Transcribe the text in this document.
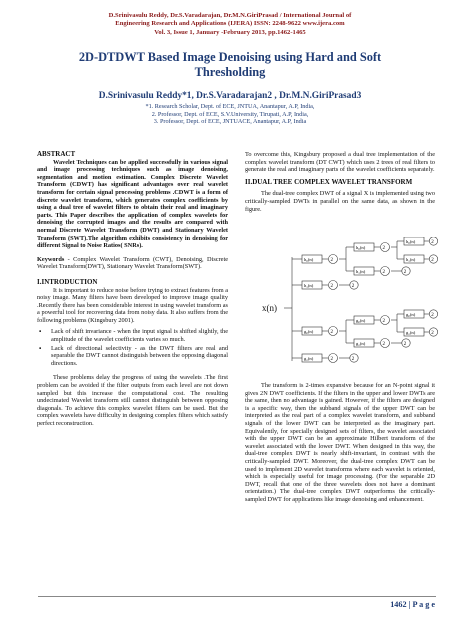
D.Srinivasulu Reddy, Dr.S.Varadarajan, Dr.M.N.GiriPrasad / International Journal of
Engineering Research and Applications (IJERA) ISSN: 2248-9622 www.ijera.com
Vol. 3, Issue 1, January -February 2013, pp.1462-1465
2D-DTDWT Based Image Denoising using Hard and Soft
Thresholding
D.Srinivasulu Reddy*1, Dr.S.Varadarajan2 , Dr.M.N.GiriPrasad3
*1. Research Scholar, Dept. of ECE, JNTUA, Anantapur, A.P, India,
2. Professor, Dept. of ECE, S.V.University, Tirupati, A.P, India,
3. Professor, Dept. of ECE, JNTUACE, Anantapur, A.P, India
ABSTRACT
Wavelet Techniques can be applied successfully in various signal and image processing techniques such as image denoising, segmentation and motion estimation. Complex Discrete Wavelet Transform (CDWT) has significant advantages over real wavelet transform for certain signal processing problems .CDWT is a form of discrete wavelet transform, which generates complex coefficients by using a dual tree of wavelet filters to obtain their real and imaginary parts. This Paper describes the application of complex wavelets for denoising the corrupted images and the results are compared with normal Discrete Wavelet Transform (DWT) and Stationary Wavelet Transform (SWT).The algorithm exhibits consistency in denoising for different Signal to Noise Ratios( SNRs).
Keywords - Complex Wavelet Transform (CWT), Denoising, Discrete Wavelet Transform(DWT), Stationary Wavelet Transform(SWT).
I.INTRODUCTION
It is important to reduce noise before trying to extract features from a noisy image. Many filters have been developed to improve image quality .Recently there has been considerable interest in using wavelet transform as a powerful tool for recovering data from noisy data. It also suffers from the following problems (Kingsbury 2001).
▪ Lack of shift invariance - when the input signal is shifted slightly, the amplitude of the wavelet coefficients varies so much.
▪ Lack of directional selectivity - as the DWT filters are real and separable the DWT cannot distinguish between the opposing diagonal directions.
These problems delay the progress of using the wavelets .The first problem can be avoided if the filter outputs from each level are not down sampled but this increase the computational cost. The resulting undecimated Wavelet transform still cannot distinguish between opposing diagonals. To achieve this complex wavelet filters can be used. But the complex wavelets have difficulty in designing complex filters which satisfy perfect reconstruction.
To overcome this, Kingsbury proposed a dual tree implementation of the complex wavelet transform (DT CWT) which uses 2 trees of real filters to generate the real and imaginary parts of the wavelet coefficients separately.
II.DUAL TREE COMPLEX WAVELET TRANSFORM
The dual-tree complex DWT of a signal X is implemented using two critically-sampled DWTs in parallel on the same data, as shown in the figure.
x(n)
h₀(n)
h₁(n)
g₀(n)
g₁(n)
2
2
2
2
h₀(n)
h₁(n)
g₀(n)
g₁(n)
2
2
2
2
h₀(n)
h₁(n)
g₀(n)
g₁(n)
2
2
2
2
2
2
2
2
The transform is 2-times expansive because for an N-point signal it gives 2N DWT coefficients. If the filters in the upper and lower DWTs are the same, then no advantage is gained. However, if the filters are designed is a specific way, then the subband signals of the upper DWT can be interpreted as the real part of a complex wavelet transform, and subband signals of the lower DWT can be interpreted as the imaginary part. Equivalently, for specially designed sets of filters, the wavelet associated with the upper DWT can be an approximate Hilbert transform of the wavelet associated with the lower DWT. When designed in this way, the dual-tree complex DWT is nearly shift-invariant, in contrast with the critically-sampled DWT. Moreover, the dual-tree complex DWT can be used to implement 2D wavelet transforms where each wavelet is oriented, which is especially useful for image processing. (For the separable 2D DWT, recall that one of the three wavelets does not have a dominant orientation.) The dual-tree complex DWT outperforms the critically-sampled DWT for applications like image denoising and enhancement.
1462 | P a g e
